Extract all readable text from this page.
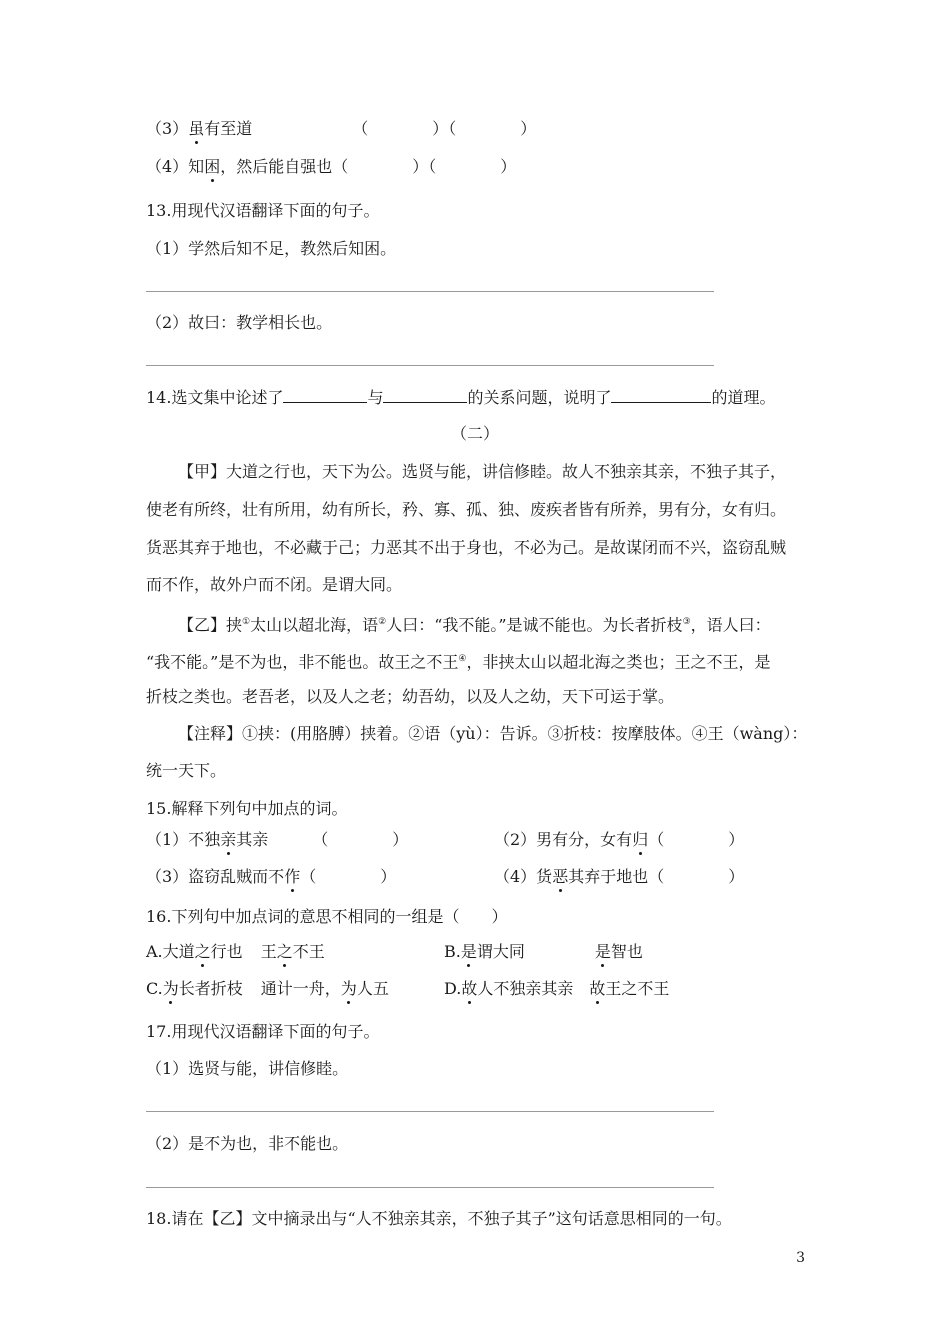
（3）虽有至道	（　　　　）（　　　　）
（4）知困，然后能自强也（　　　　）（　　　　）
13.用现代汉语翻译下面的句子。
（1）学然后知不足，教然后知困。
（2）故曰：教学相长也。
14.选文集中论述了	与	的关系问题，说明了	的道理。
（二）
【甲】大道之行也，天下为公。选贤与能，讲信修睦。故人不独亲其亲，不独子其子，
使老有所终，壮有所用，幼有所长，矜、寡、孤、独、废疾者皆有所养，男有分，女有归。
货恶其弃于地也，不必藏于己；力恶其不出于身也，不必为己。是故谋闭而不兴，盗窃乱贼
而不作，故外户而不闭。是谓大同。
【乙】挟①太山以超北海，语②人曰：“我不能。”是诚不能也。为长者折枝③，语人曰：
“我不能。”是不为也，非不能也。故王之不王④，非挟太山以超北海之类也；王之不王，是
折枝之类也。老吾老，以及人之老；幼吾幼，以及人之幼，天下可运于掌。
【注释】①挟：(用胳膊）挟着。②语（yù）：告诉。③折枝：按摩肢体。④王（wàng）：
统一天下。
15.解释下列句中加点的词。
（1）不独亲其亲	（　　　　）	（2）男有分，女有归（　　　　）
（3）盗窃乱贼而不作（　　　　）	（4）货恶其弃于地也（　　　　）
16.下列句中加点词的意思不相同的一组是（　　）
A.大道之行也 王之不王	B.是谓大同	是智也
C.为长者折枝 通计一舟，为人五	D.故人不独亲其亲 故王之不王
17.用现代汉语翻译下面的句子。
（1）选贤与能，讲信修睦。
（2）是不为也，非不能也。
18.请在【乙】文中摘录出与“人不独亲其亲，不独子其子”这句话意思相同的一句。
3
